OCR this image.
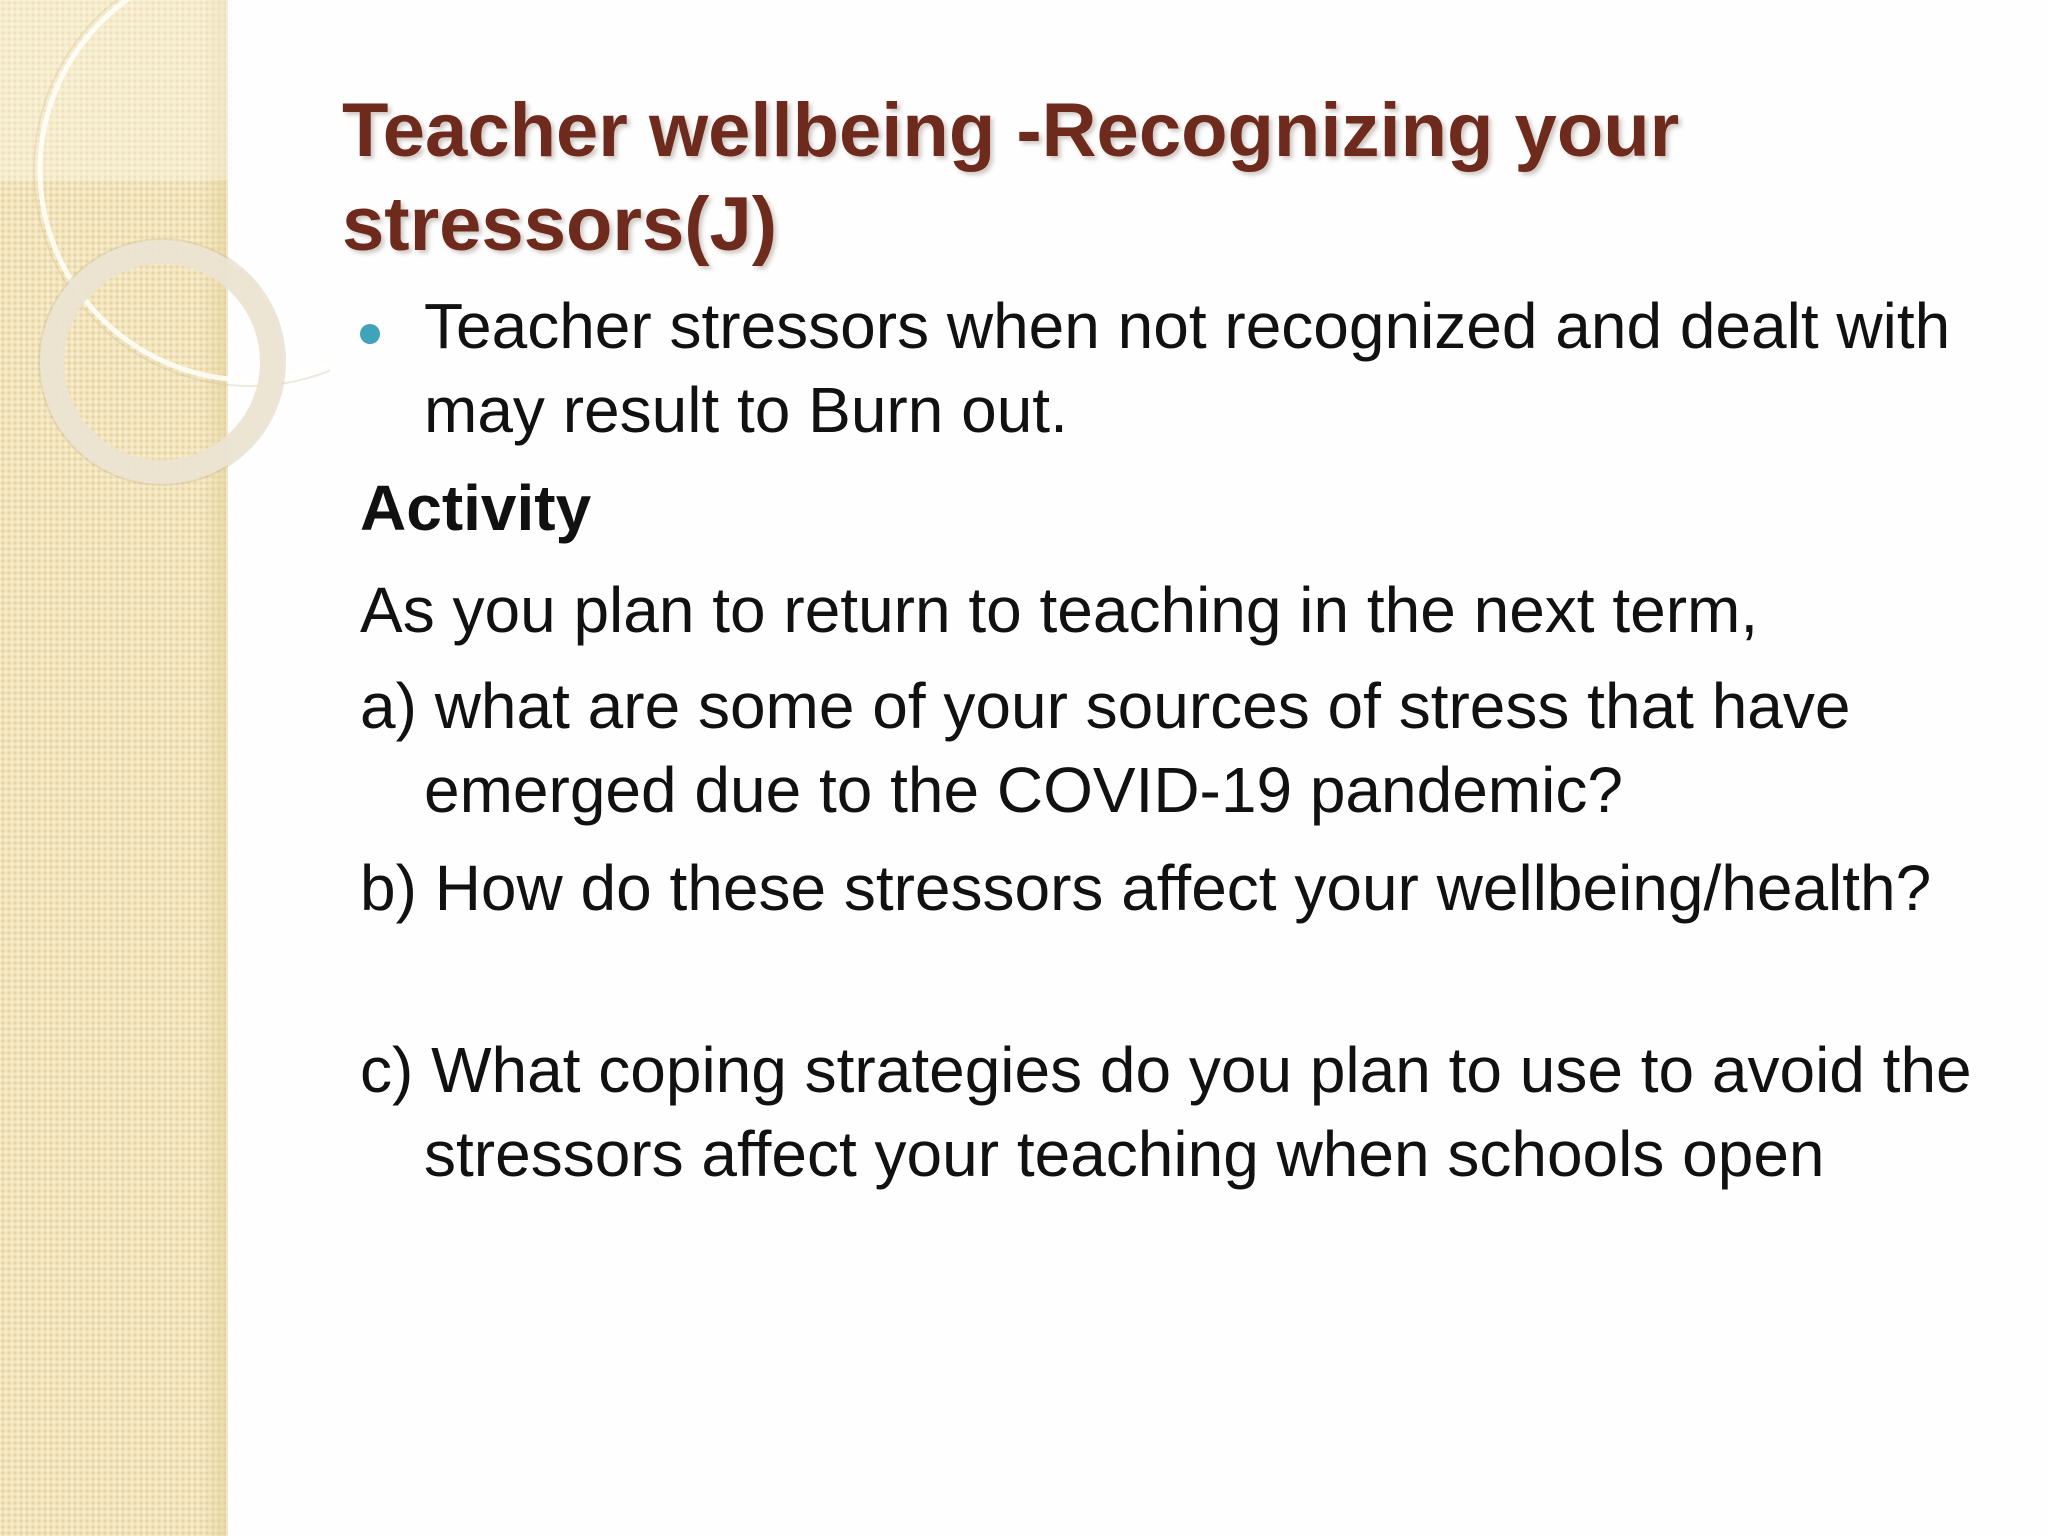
Teacher wellbeing -Recognizing your stressors(J)
Teacher stressors when not recognized and dealt with may result to Burn out.
Activity
As you plan to return to teaching in the next term,
a) what are some of your sources of stress that have emerged due to the COVID-19 pandemic?
b) How do these stressors affect your wellbeing/health?
c) What coping strategies do you plan to use to avoid the stressors affect your teaching when schools open
